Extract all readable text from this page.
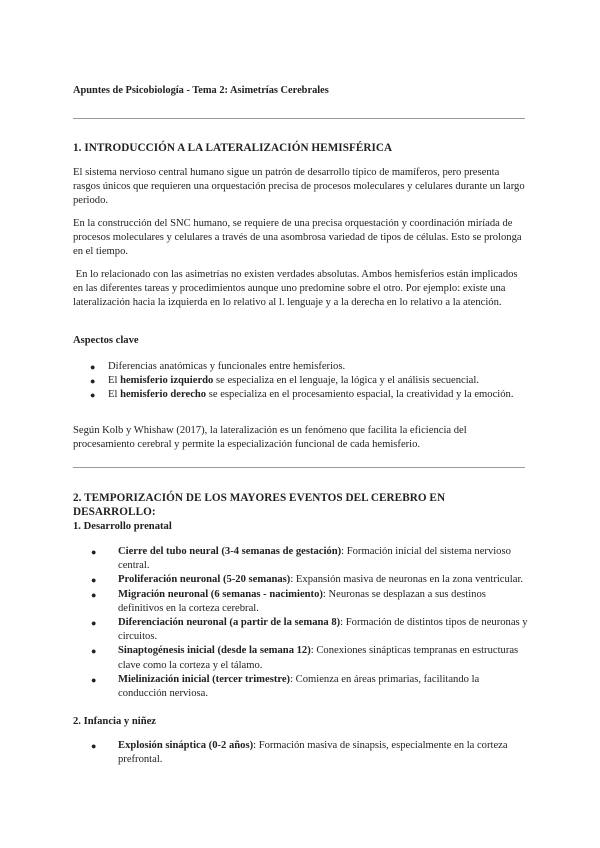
Apuntes de Psicobiología - Tema 2: Asimetrías Cerebrales
1. INTRODUCCIÓN A LA LATERALIZACIÓN HEMISFÉRICA

El sistema nervioso central humano sigue un patrón de desarrollo típico de mamíferos, pero presenta rasgos únicos que requieren una orquestación precisa de procesos moleculares y celulares durante un largo periodo.

En la construcción del SNC humano, se requiere de una precisa orquestación y coordinación miríada de procesos moleculares y celulares a través de una asombrosa variedad de tipos de células. Esto se prolonga en el tiempo.

En lo relacionado con las asimetrías no existen verdades absolutas. Ambos hemisferios están implicados en las diferentes tareas y procedimientos aunque uno predomine sobre el otro. Por ejemplo: existe una lateralización hacia la izquierda en lo relativo al l. lenguaje y a la derecha en lo relativo a la atención.

Aspectos clave
● Diferencias anatómicas y funcionales entre hemisferios.
● El hemisferio izquierdo se especializa en el lenguaje, la lógica y el análisis secuencial.
● El hemisferio derecho se especializa en el procesamiento espacial, la creatividad y la emoción.

Según Kolb y Whishaw (2017), la lateralización es un fenómeno que facilita la eficiencia del procesamiento cerebral y permite la especialización funcional de cada hemisferio.

2. TEMPORIZACIÓN DE LOS MAYORES EVENTOS DEL CEREBRO EN DESARROLLO:
1. Desarrollo prenatal
● Cierre del tubo neural (3-4 semanas de gestación): Formación inicial del sistema nervioso central.
● Proliferación neuronal (5-20 semanas): Expansión masiva de neuronas en la zona ventricular.
● Migración neuronal (6 semanas - nacimiento): Neuronas se desplazan a sus destinos definitivos en la corteza cerebral.
● Diferenciación neuronal (a partir de la semana 8): Formación de distintos tipos de neuronas y circuitos.
● Sinaptogénesis inicial (desde la semana 12): Conexiones sinápticas tempranas en estructuras clave como la corteza y el tálamo.
● Mielinización inicial (tercer trimestre): Comienza en áreas primarias, facilitando la conducción nerviosa.
2. Infancia y niñez
● Explosión sináptica (0-2 años): Formación masiva de sinapsis, especialmente en la corteza prefrontal.
